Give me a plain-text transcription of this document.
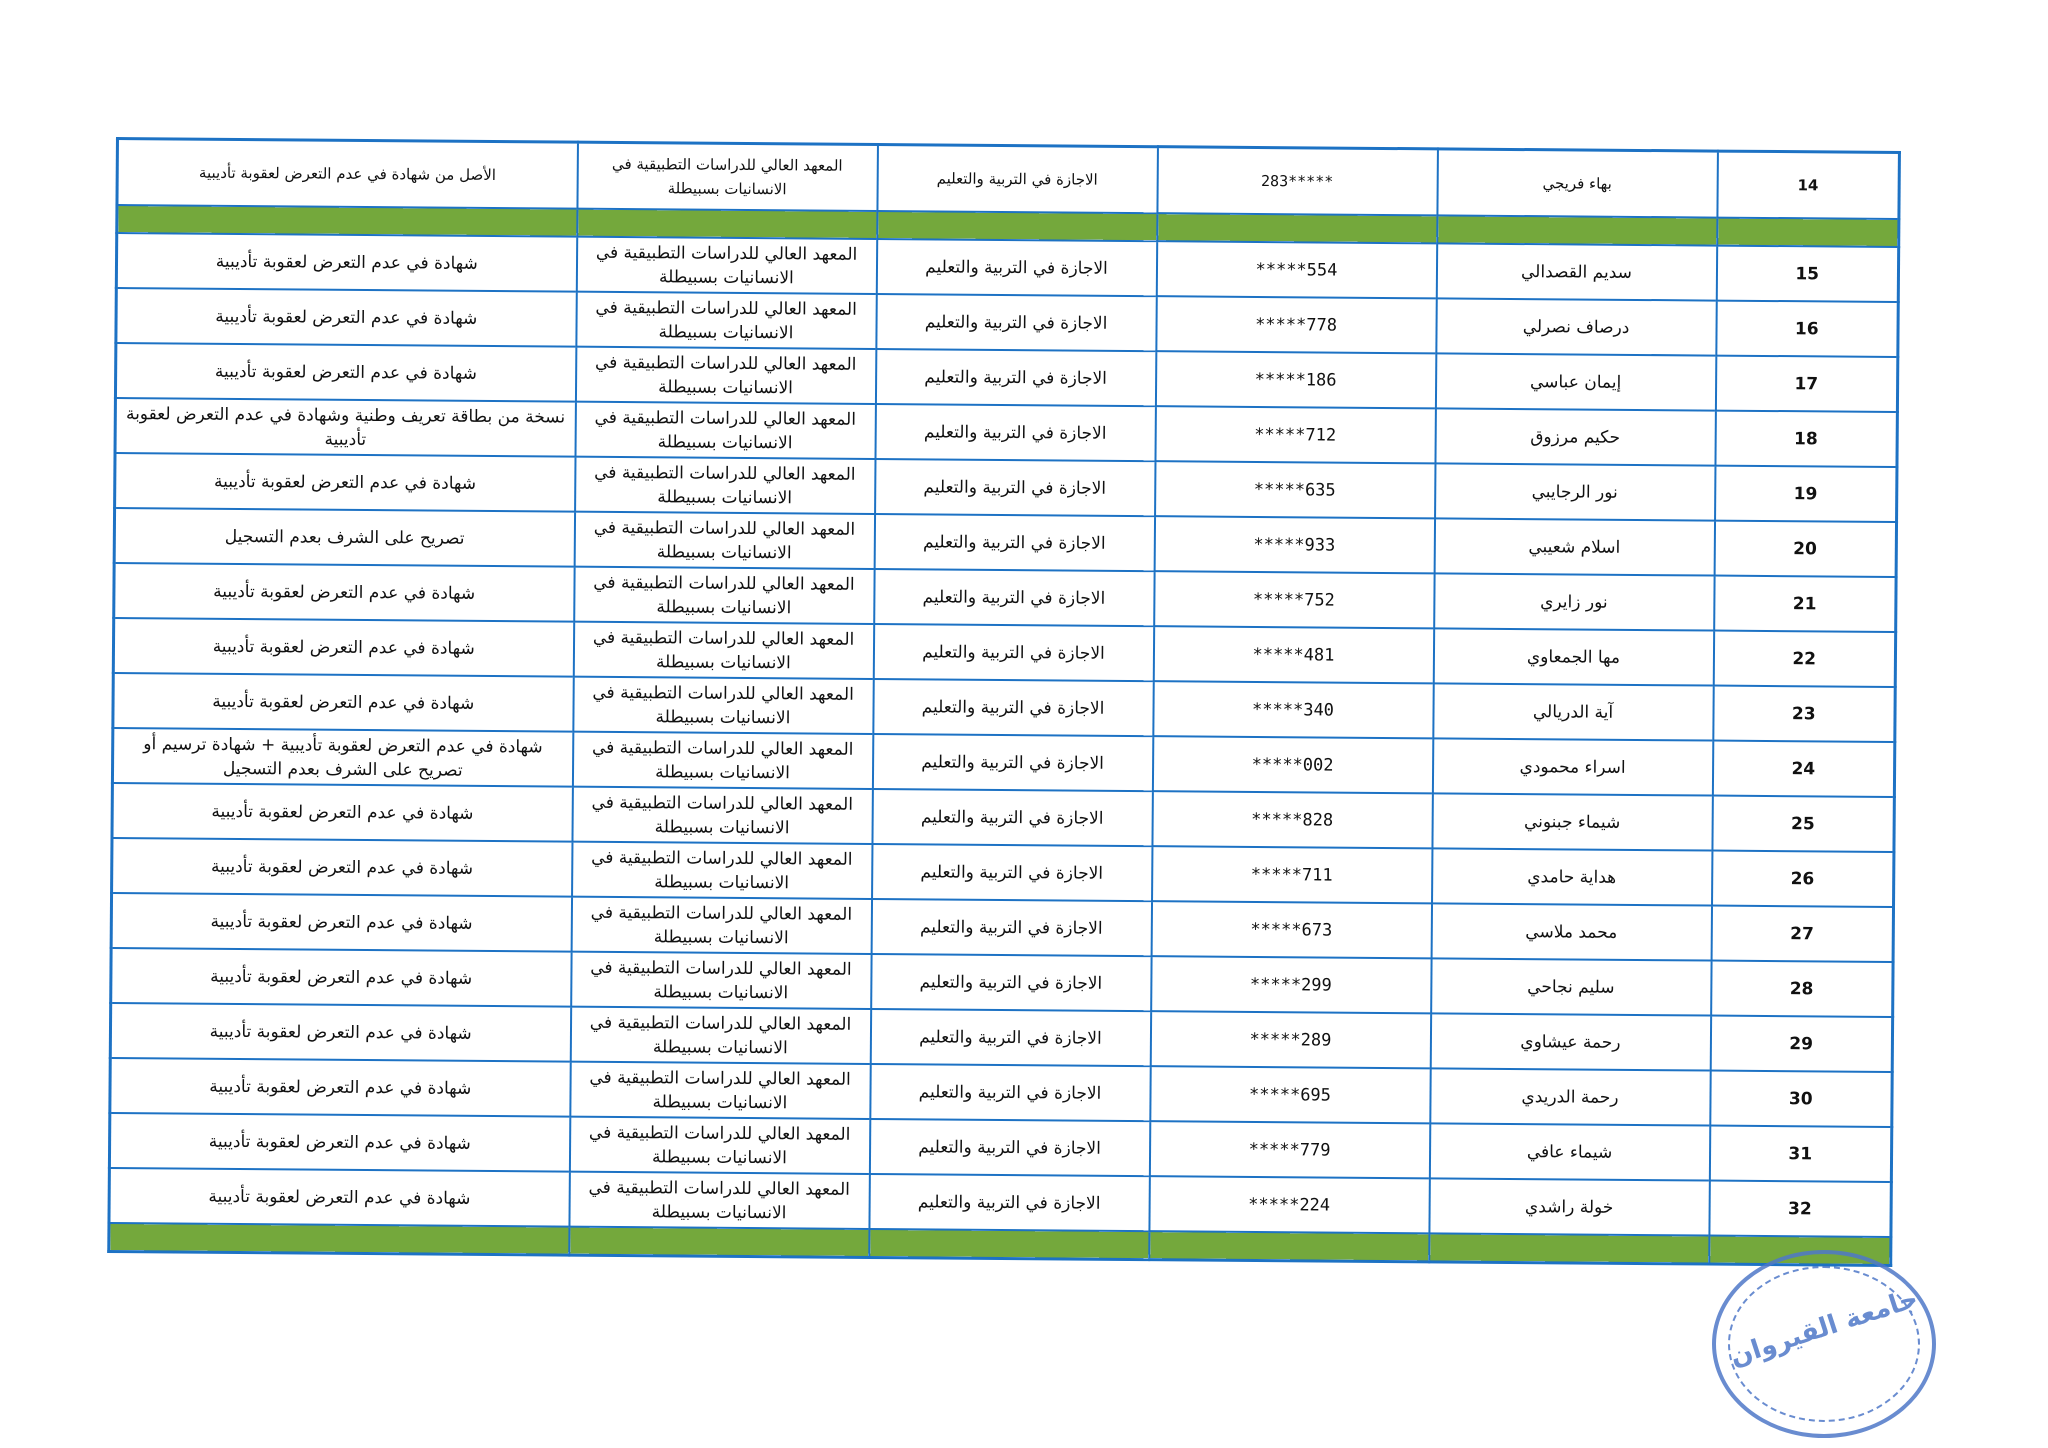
14	بهاء فريجي	283*****	الاجازة في التربية والتعليم	المعهد العالي للدراسات التطبيقية في الانسانيات بسبيطلة	الأصل من شهادة في عدم التعرض لعقوبة تأديبية

15	سديم القصدالي	*****554	الاجازة في التربية والتعليم	المعهد العالي للدراسات التطبيقية في الانسانيات بسبيطلة	شهادة في عدم التعرض لعقوبة تأديبية
16	درصاف نصرلي	*****778	الاجازة في التربية والتعليم	المعهد العالي للدراسات التطبيقية في الانسانيات بسبيطلة	شهادة في عدم التعرض لعقوبة تأديبية
17	إيمان عباسي	*****186	الاجازة في التربية والتعليم	المعهد العالي للدراسات التطبيقية في الانسانيات بسبيطلة	شهادة في عدم التعرض لعقوبة تأديبية
18	حكيم مرزوق	*****712	الاجازة في التربية والتعليم	المعهد العالي للدراسات التطبيقية في الانسانيات بسبيطلة	نسخة من بطاقة تعريف وطنية وشهادة في عدم التعرض لعقوبة تأديبية
19	نور الرجايبي	*****635	الاجازة في التربية والتعليم	المعهد العالي للدراسات التطبيقية في الانسانيات بسبيطلة	شهادة في عدم التعرض لعقوبة تأديبية
20	اسلام شعيبي	*****933	الاجازة في التربية والتعليم	المعهد العالي للدراسات التطبيقية في الانسانيات بسبيطلة	تصريح على الشرف بعدم التسجيل
21	نور زايري	*****752	الاجازة في التربية والتعليم	المعهد العالي للدراسات التطبيقية في الانسانيات بسبيطلة	شهادة في عدم التعرض لعقوبة تأديبية
22	مها الجمعاوي	*****481	الاجازة في التربية والتعليم	المعهد العالي للدراسات التطبيقية في الانسانيات بسبيطلة	شهادة في عدم التعرض لعقوبة تأديبية
23	آية الدريالي	*****340	الاجازة في التربية والتعليم	المعهد العالي للدراسات التطبيقية في الانسانيات بسبيطلة	شهادة في عدم التعرض لعقوبة تأديبية
24	اسراء محمودي	*****002	الاجازة في التربية والتعليم	المعهد العالي للدراسات التطبيقية في الانسانيات بسبيطلة	شهادة في عدم التعرض لعقوبة تأديبية + شهادة ترسيم أو تصريح على الشرف بعدم التسجيل
25	شيماء جبنوني	*****828	الاجازة في التربية والتعليم	المعهد العالي للدراسات التطبيقية في الانسانيات بسبيطلة	شهادة في عدم التعرض لعقوبة تأديبية
26	هداية حامدي	*****711	الاجازة في التربية والتعليم	المعهد العالي للدراسات التطبيقية في الانسانيات بسبيطلة	شهادة في عدم التعرض لعقوبة تأديبية
27	محمد ملاسي	*****673	الاجازة في التربية والتعليم	المعهد العالي للدراسات التطبيقية في الانسانيات بسبيطلة	شهادة في عدم التعرض لعقوبة تأديبية
28	سليم نجاحي	*****299	الاجازة في التربية والتعليم	المعهد العالي للدراسات التطبيقية في الانسانيات بسبيطلة	شهادة في عدم التعرض لعقوبة تأديبية
29	رحمة عيشاوي	*****289	الاجازة في التربية والتعليم	المعهد العالي للدراسات التطبيقية في الانسانيات بسبيطلة	شهادة في عدم التعرض لعقوبة تأديبية
30	رحمة الدريدي	*****695	الاجازة في التربية والتعليم	المعهد العالي للدراسات التطبيقية في الانسانيات بسبيطلة	شهادة في عدم التعرض لعقوبة تأديبية
31	شيماء عافي	*****779	الاجازة في التربية والتعليم	المعهد العالي للدراسات التطبيقية في الانسانيات بسبيطلة	شهادة في عدم التعرض لعقوبة تأديبية
32	خولة راشدي	*****224	الاجازة في التربية والتعليم	المعهد العالي للدراسات التطبيقية في الانسانيات بسبيطلة	شهادة في عدم التعرض لعقوبة تأديبية

جامعة القيروان
